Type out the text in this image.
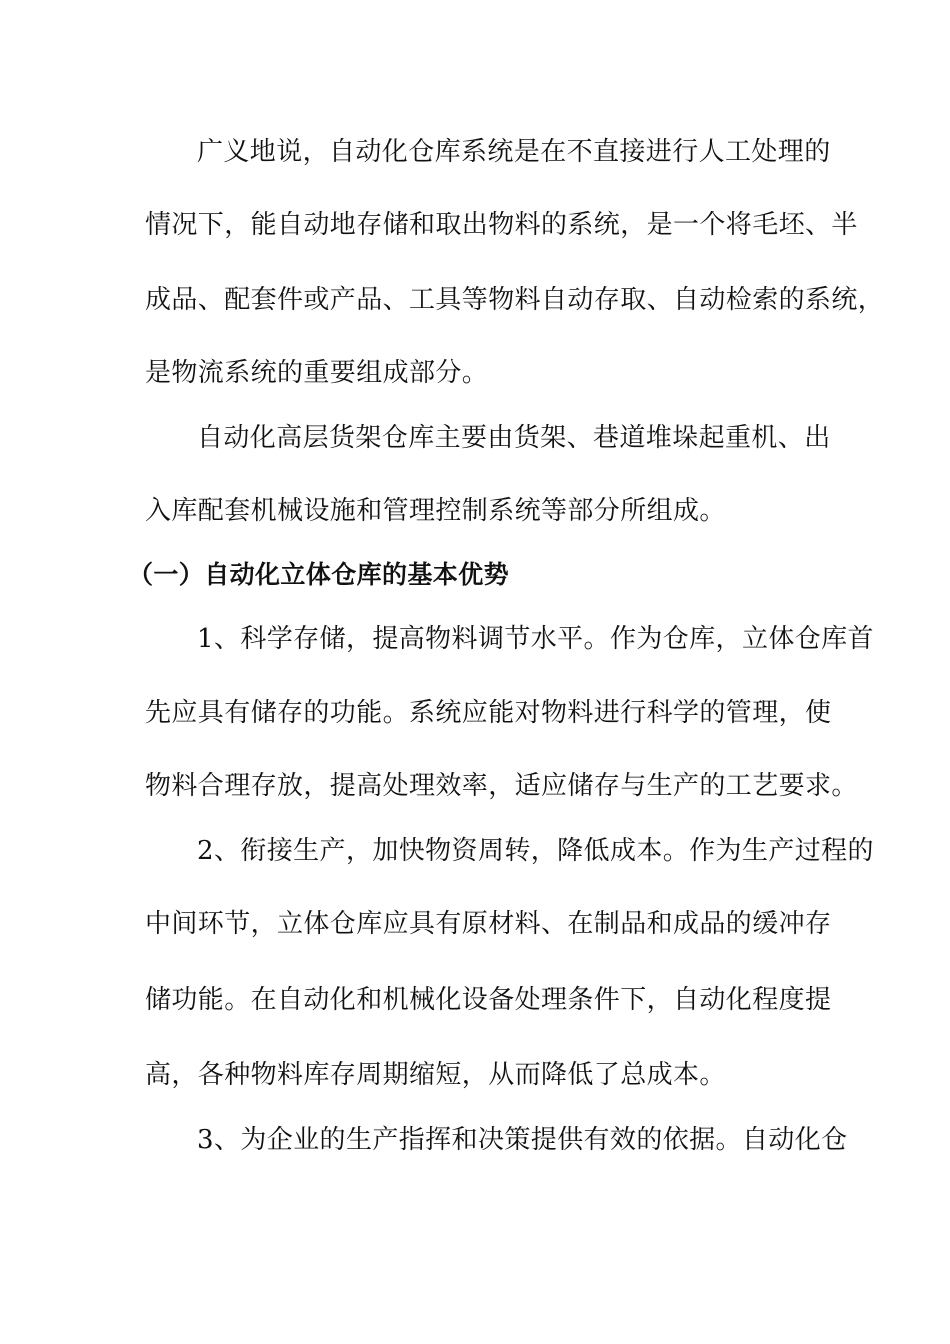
广义地说，自动化仓库系统是在不直接进行人工处理的
情况下，能自动地存储和取出物料的系统，是一个将毛坯、半
成品、配套件或产品、工具等物料自动存取、自动检索的系统，
是物流系统的重要组成部分。
自动化高层货架仓库主要由货架、巷道堆垛起重机、出
入库配套机械设施和管理控制系统等部分所组成。
（一）自动化立体仓库的基本优势
1、科学存储，提高物料调节水平。作为仓库，立体仓库首
先应具有储存的功能。系统应能对物料进行科学的管理，使
物料合理存放，提高处理效率，适应储存与生产的工艺要求。
2、衔接生产，加快物资周转，降低成本。作为生产过程的
中间环节，立体仓库应具有原材料、在制品和成品的缓冲存
储功能。在自动化和机械化设备处理条件下，自动化程度提
高，各种物料库存周期缩短，从而降低了总成本。
3、为企业的生产指挥和决策提供有效的依据。自动化仓
